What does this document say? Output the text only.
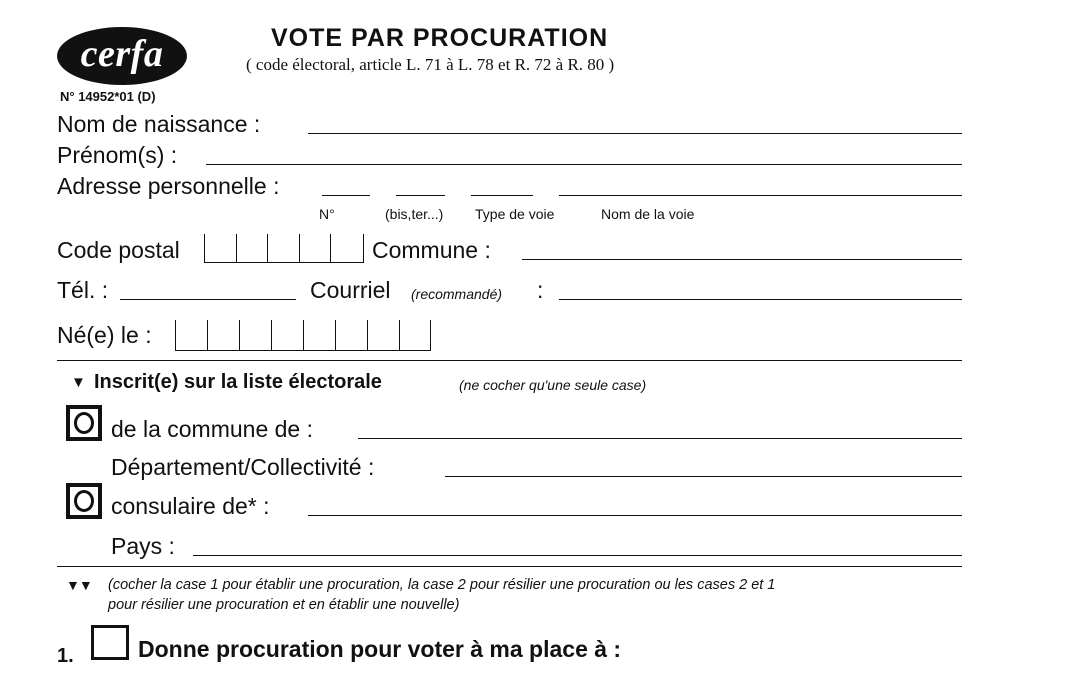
cerfa
N° 14952*01 (D)
VOTE PAR PROCURATION
( code électoral, article L. 71 à L. 78 et R. 72 à R. 80 )
Nom de naissance :
Prénom(s) :
Adresse personnelle :
N°	(bis,ter...) Type de voie	Nom de la voie
Code postal	Commune :
Tél. :	Courriel (recommandé) :
Né(e) le :
▼ Inscrit(e) sur la liste électorale	(ne cocher qu'une seule case)
de la commune de :
Département/Collectivité :
consulaire de* :
Pays :
▼▼ (cocher la case 1 pour établir une procuration, la case 2 pour résilier une procuration ou les cases 2 et 1
pour résilier une procuration et en établir une nouvelle)
1.	Donne procuration pour voter à ma place à :
